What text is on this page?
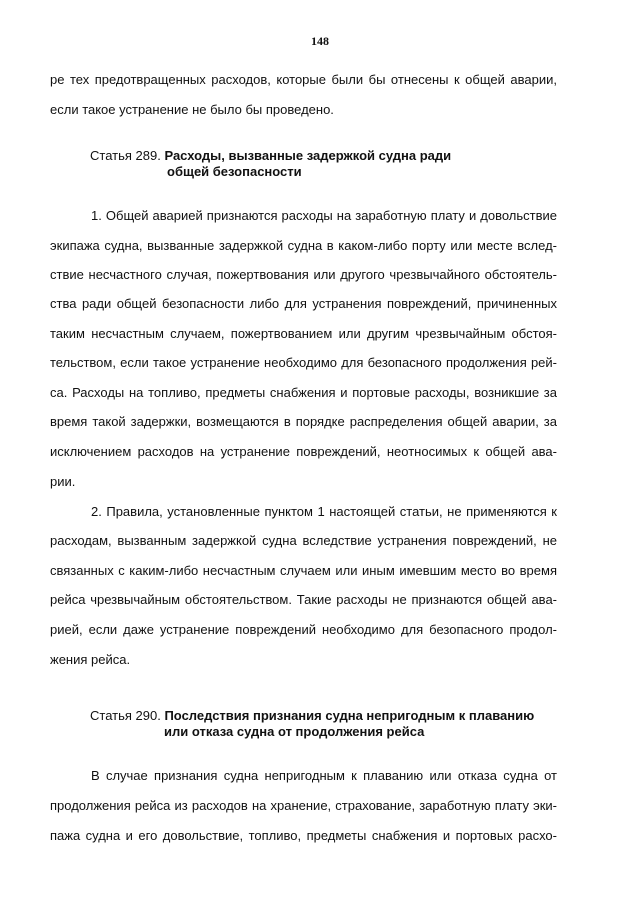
148
ре тех предотвращенных расходов, которые были бы отнесены к общей аварии,
если такое устранение не было бы проведено.
Статья 289. Расходы, вызванные задержкой судна ради
общей безопасности
1. Общей аварией признаются расходы на заработную плату и довольствие
экипажа судна, вызванные задержкой судна в каком-либо порту или месте вслед-
ствие несчастного случая, пожертвования или другого чрезвычайного обстоятель-
ства ради общей безопасности либо для устранения повреждений, причиненных
таким несчастным случаем, пожертвованием или другим чрезвычайным обстоя-
тельством, если такое устранение необходимо для безопасного продолжения рей-
са. Расходы на топливо, предметы снабжения и портовые расходы, возникшие за
время такой задержки, возмещаются в порядке распределения общей аварии, за
исключением расходов на устранение повреждений, неотносимых к общей ава-
рии.
2. Правила, установленные пунктом 1 настоящей статьи, не применяются к
расходам, вызванным задержкой судна вследствие устранения повреждений, не
связанных с каким-либо несчастным случаем или иным имевшим место во время
рейса чрезвычайным обстоятельством. Такие расходы не признаются общей ава-
рией, если даже устранение повреждений необходимо для безопасного продол-
жения рейса.
Статья 290. Последствия признания судна непригодным к плаванию
или отказа судна от продолжения рейса
В случае признания судна непригодным к плаванию или отказа судна от
продолжения рейса из расходов на хранение, страхование, заработную плату эки-
пажа судна и его довольствие, топливо, предметы снабжения и портовых расхо-
